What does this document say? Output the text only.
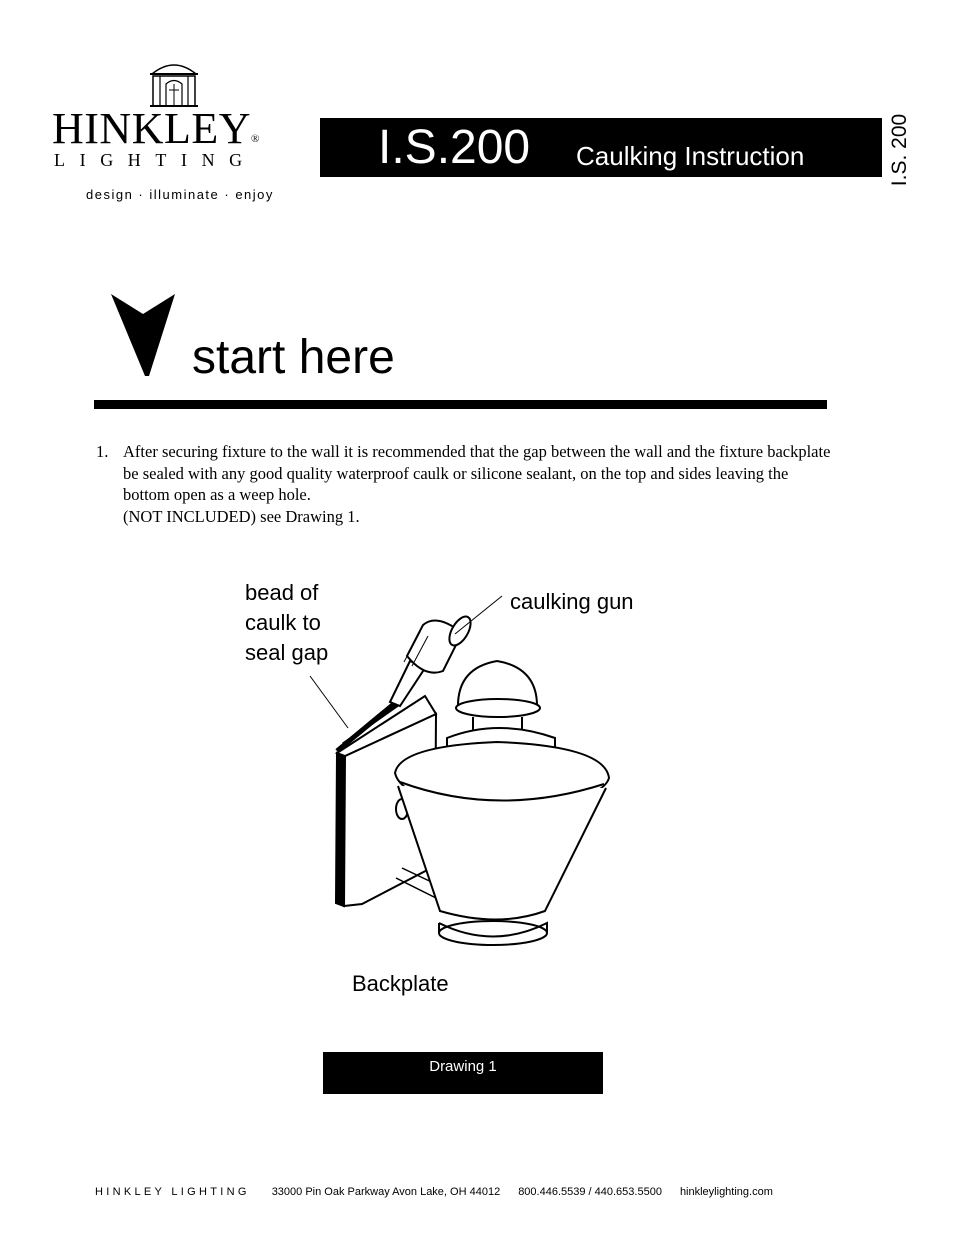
HINKLEY®
LIGHTING
design · illuminate · enjoy
I.S.200 Caulking Instruction	I.S. 200
start here
1. After securing fixture to the wall it is recommended that the gap between the wall and the fixture backplate be sealed with any good quality waterproof caulk or silicone sealant, on the top and sides leaving the bottom open as a weep hole.
(NOT INCLUDED) see Drawing 1.
bead of caulk to seal gap
caulking gun
Backplate
Drawing 1
HINKLEY LIGHTING 33000 Pin Oak Parkway Avon Lake, OH 44012 800.446.5539 / 440.653.5500 hinkleylighting.com
